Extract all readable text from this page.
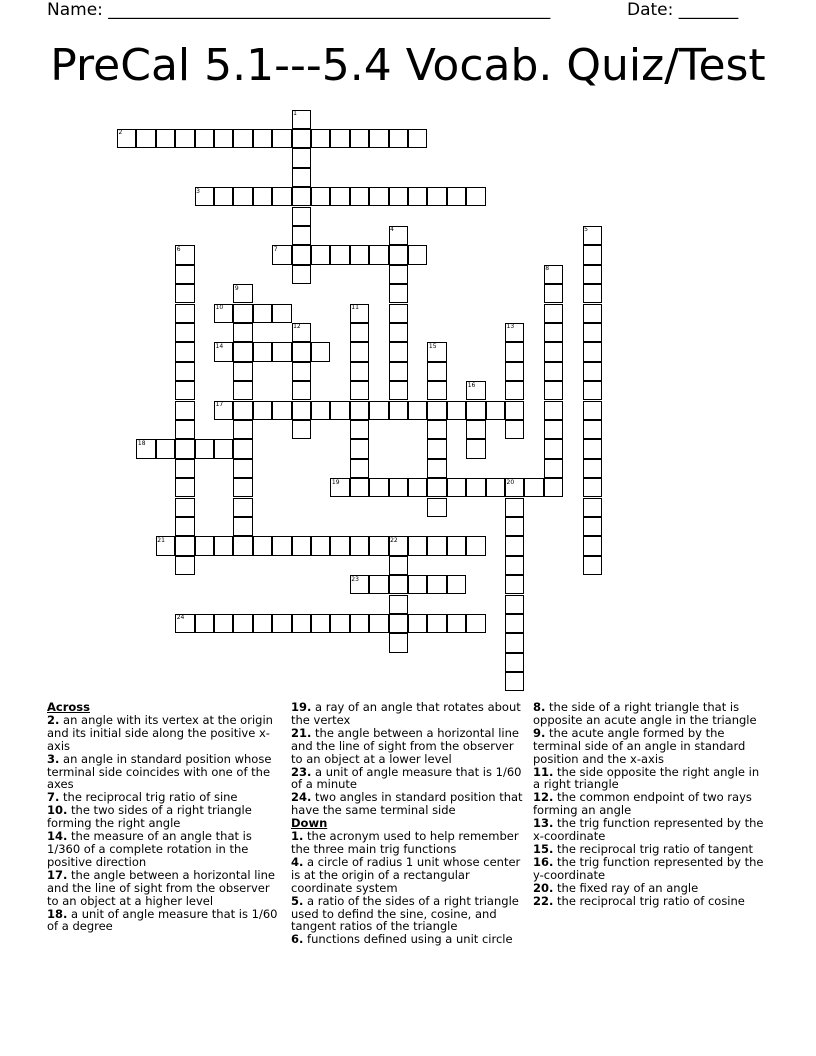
Name: ____________________________________________________	Date: _______
PreCal 5.1---5.4 Vocab. Quiz/Test
1
2
3
4	5
6	7
8
9
10	11
12	13
14	15
16
17
18
19	20
21	22
23
24
Across
2. an angle with its vertex at the origin and its initial side along the positive x-axis
3. an angle in standard position whose terminal side coincides with one of the axes
7. the reciprocal trig ratio of sine
10. the two sides of a right triangle forming the right angle
14. the measure of an angle that is 1/360 of a complete rotation in the positive direction
17. the angle between a horizontal line and the line of sight from the observer to an object at a higher level
18. a unit of angle measure that is 1/60 of a degree
19. a ray of an angle that rotates about the vertex
21. the angle between a horizontal line and the line of sight from the observer to an object at a lower level
23. a unit of angle measure that is 1/60 of a minute
24. two angles in standard position that have the same terminal side
Down
1. the acronym used to help remember the three main trig functions
4. a circle of radius 1 unit whose center is at the origin of a rectangular coordinate system
5. a ratio of the sides of a right triangle used to defind the sine, cosine, and tangent ratios of the triangle
6. functions defined using a unit circle
8. the side of a right triangle that is opposite an acute angle in the triangle
9. the acute angle formed by the terminal side of an angle in standard position and the x-axis
11. the side opposite the right angle in a right triangle
12. the common endpoint of two rays forming an angle
13. the trig function represented by the x-coordinate
15. the reciprocal trig ratio of tangent
16. the trig function represented by the y-coordinate
20. the fixed ray of an angle
22. the reciprocal trig ratio of cosine
